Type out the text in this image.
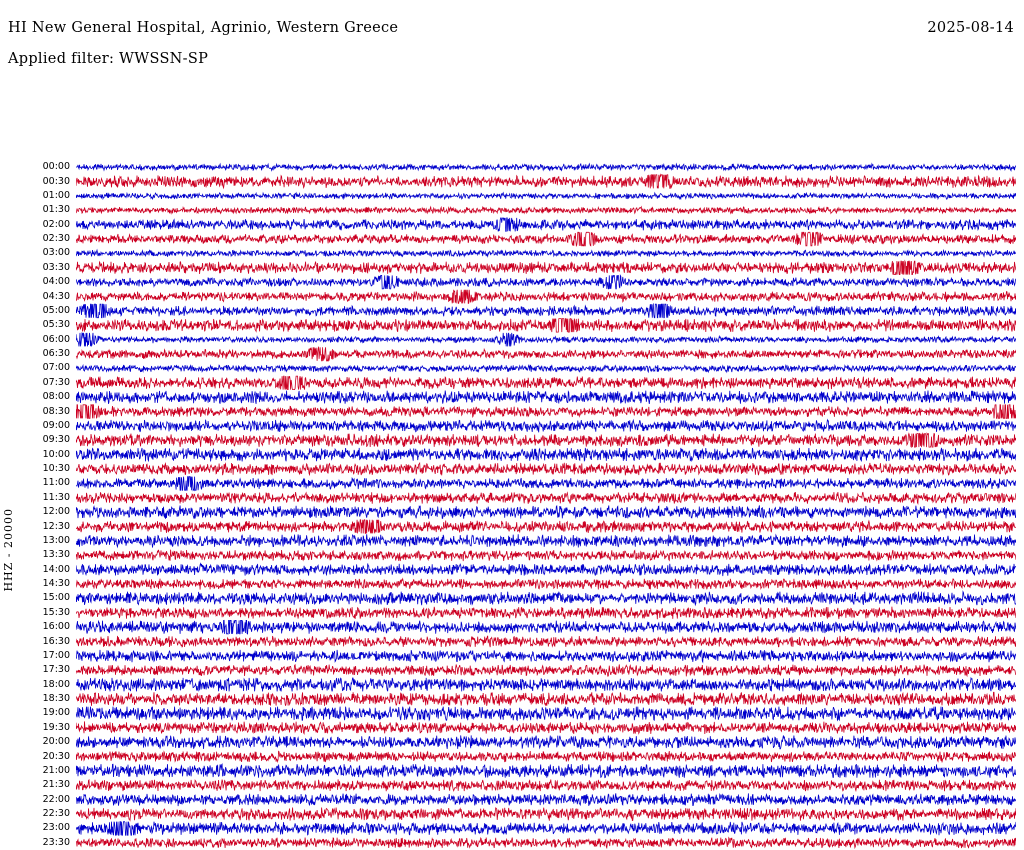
HI New General Hospital, Agrinio, Western Greece	2025-08-14
Applied filter: WWSSN-SP
HHZ - 20000
00:00
00:30
01:00
01:30
02:00
02:30
03:00
03:30
04:00
04:30
05:00
05:30
06:00
06:30
07:00
07:30
08:00
08:30
09:00
09:30
10:00
10:30
11:00
11:30
12:00
12:30
13:00
13:30
14:00
14:30
15:00
15:30
16:00
16:30
17:00
17:30
18:00
18:30
19:00
19:30
20:00
20:30
21:00
21:30
22:00
22:30
23:00
23:30
